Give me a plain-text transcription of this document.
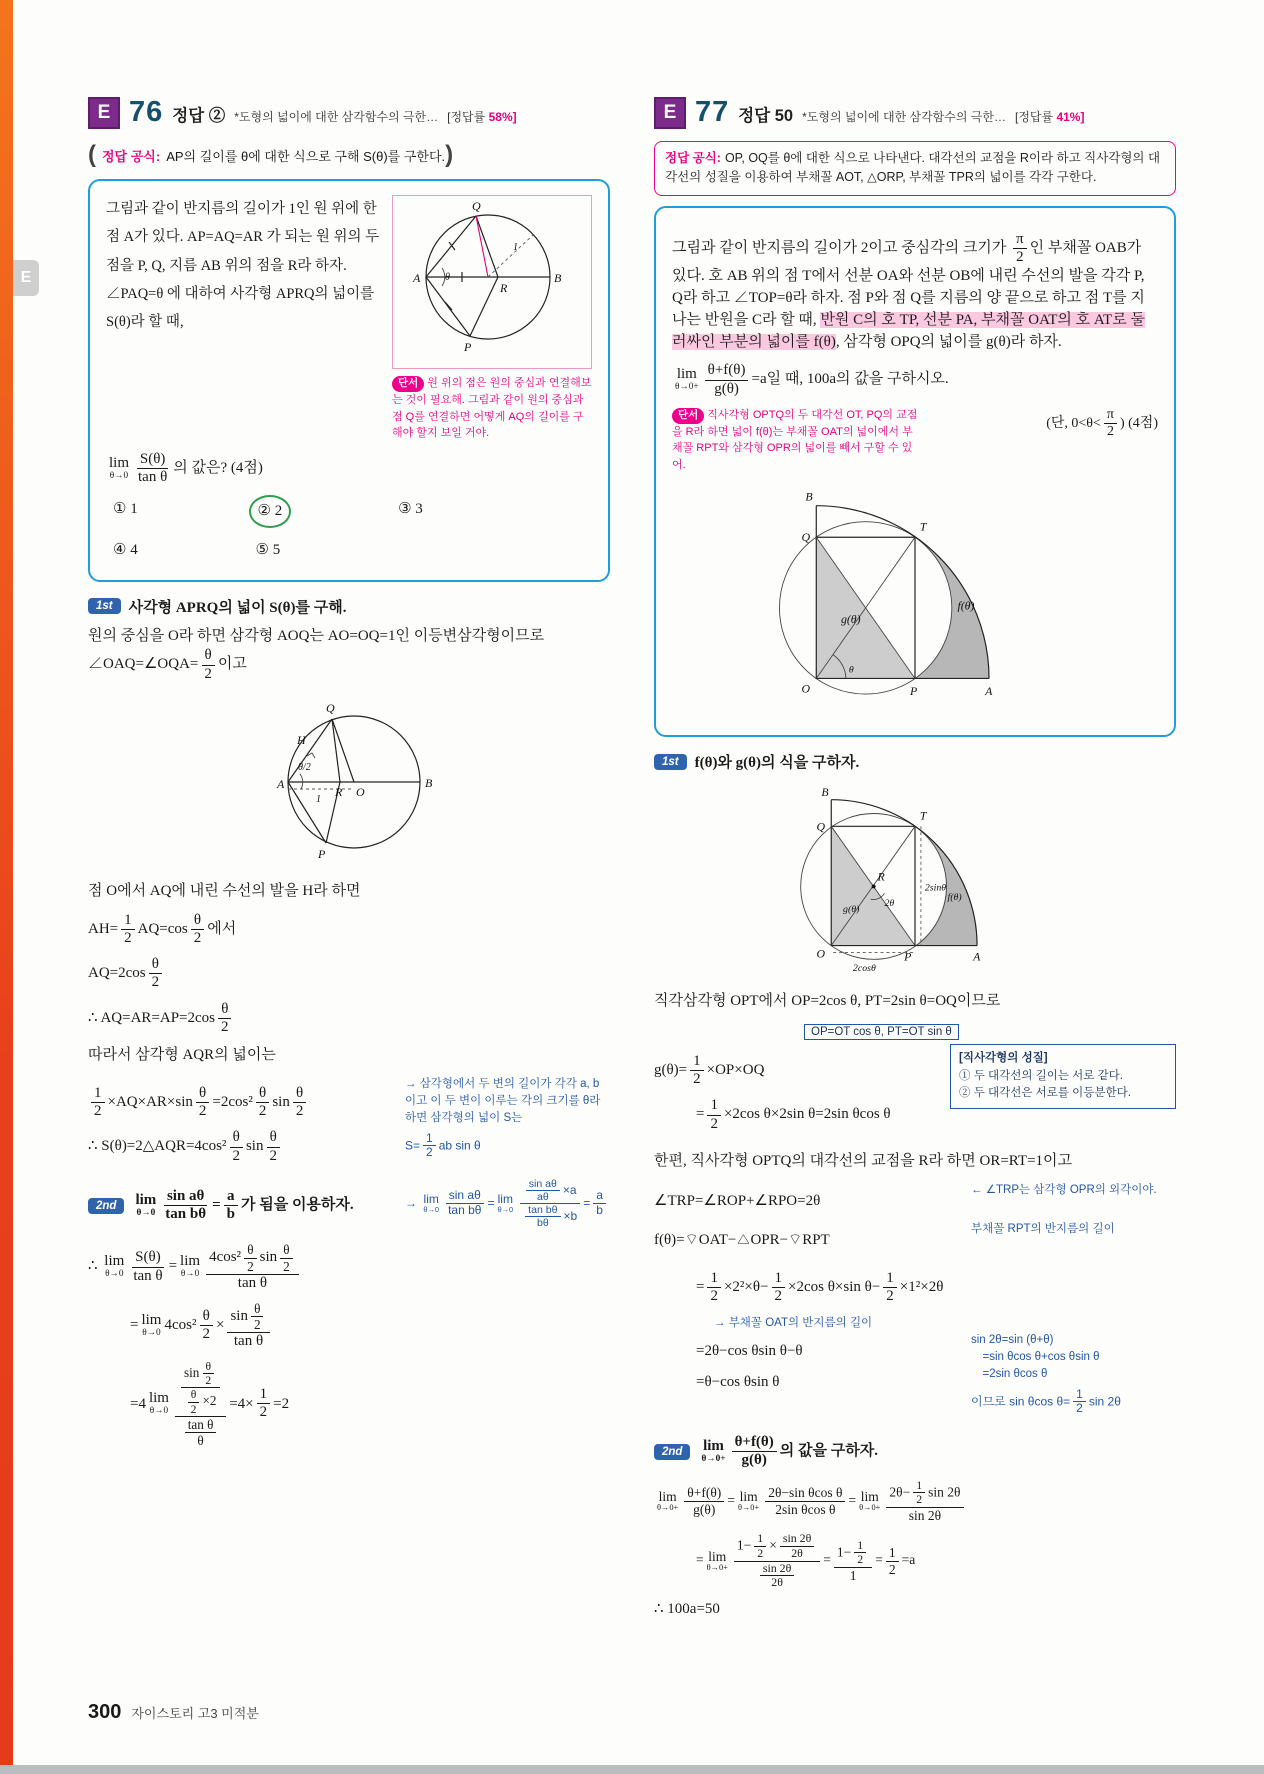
E
E 76 정답 ② *도형의 넓이에 대한 삼각함수의 극한… [정답률 58%]
( 정답 공식: AP의 길이를 θ에 대한 식으로 구해 S(θ)를 구한다. )
그림과 같이 반지름의 길이가 1인 원 위에 한 점 A가 있다. AP=AQ=AR 가 되는 원 위의 두 점을 P, Q, 지름 AB 위의 점을 R라 하자. ∠PAQ=θ 에 대하여 사각형 APRQ의 넓이를 S(θ)라 할 때,
Q
A
R
B
P
1
θ
단서 원 위의 점은 원의 중심과 연결해보는 것이 필요해. 그림과 같이 원의 중심과 점 Q를 연결하면 어떻게 AQ의 길이를 구해야 할지 보일 거야.
lim
$\theta\to 0 \frac{S(\theta)}{\text{tan θ}}$ 의 값은? (4점)
① 1	② 2	③ 3
④ 4	⑤ 5
1st	사각형 APRQ의 넓이 S(θ)를 구해.
원의 중심을 O라 하면 삼각형 AOQ는 AO=OQ=1인 이등변삼각형이므로 ∠OAQ=∠OQA= $\frac{\theta}{2}$ 이고
Q
H
θ/2
R
A
O
B
P
1
점 O에서 AQ에 내린 수선의 발을 H라 하면
$AH= \frac{1}{2} AQ=\cos \frac{\theta}{2}$ 에서
$AQ=2\cos \frac{\theta}{2}$
∴ $AQ=AR=AP=2\cos \frac{\theta}{2}$
따라서 삼각형 AQR의 넓이는
$\frac{1}{2} \times AQ\times AR\times\sin \frac{\theta}{2} =2\cos^2 \frac{\theta}{2}$ $\sin \frac{\theta}{2}$
∴ S(θ)=2△AQR=4cos² $\frac{\theta}{2}$ $\sin \frac{\theta}{2}$
→ 삼각형에서 두 변의 길이가 각각 a, b이고 이 두 변이 이루는 각의 크기를 θ라 하면 삼각형의 넓이 S는
$S= \frac{1}{2}$ ab sin θ
2nd	lim
$\theta\to 0 \frac{\text{sin aθ}}{\text{tan bθ}} = \frac{a}{b}$ 가 됨을 이용하자.	→ lim
$\theta\to 0 \frac{\text{sin aθ}}{\text{tan bθ}} = \lim$
$\theta\to 0 \frac{\frac{\text{sin aθ}}{a\theta} \times a}{\frac{\text{tan bθ}}{b\theta} \times b} = \frac{a}{b}$
∴ lim
$\theta\to 0 \frac{S(\theta)}{\text{tan θ}} = \lim$
$\theta\to 0 \frac{4\cos^2 \frac{\theta}{2} \sin \frac{\theta}{2}}{\text{tan θ}}$
= lim
θ→0 $4\cos^2 \frac{\theta}{2} \times \frac{\sin \frac{\theta}{2}}{\text{tan θ}}$
=4 lim
$\theta\to 0 \frac{\frac{\sin \frac{\theta}{2}}{\frac{\theta}{2} \times 2}}{\frac{\text{tan θ}}{\theta}} =4\times \frac{1}{2} =2$
E 77 정답 50 *도형의 넓이에 대한 삼각함수의 극한… [정답률 41%]
정답 공식: OP, OQ를 θ에 대한 식으로 나타낸다. 대각선의 교점을 R이라 하고 직사각형의 대각선의 성질을 이용하여 부채꼴 AOT, △ORP, 부채꼴 TPR의 넓이를 각각 구한다.
그림과 같이 반지름의 길이가 2이고 중심각의 크기가 $\frac{\pi}{2}$ 인 부채꼴 OAB가 있다. 호 AB 위의 점 T에서 선분 OA와 선분 OB에 내린 수선의 발을 각각 P, Q라 하고 ∠TOP=θ라 하자. 점 P와 점 Q를 지름의 양 끝으로 하고 점 T를 지나는 반원을 C라 할 때, 반원 C의 호 TP, 선분 PA, 부채꼴 OAT의 호 AT로 둘러싸인 부분의 넓이를 f(θ), 삼각형 OPQ의 넓이를 g(θ)라 하자.
lim
$\theta\to 0+ \frac{\theta+f(\theta)}{g(\theta)} =a$일 때, 100a의 값을 구하시오.
단서 직사각형 OPTQ의 두 대각선 OT, PQ의 교점을 R라 하면 넓이 f(θ)는 부채꼴 OAT의 넓이에서 부채꼴 RPT와 삼각형 OPR의 넓이를 빼서 구할 수 있어.
(단, $0<\theta< \frac{\pi}{2}$ ) (4점)
B
Q
T
g(θ)
f(θ)
O
θ
P	A
1st	f(θ)와 g(θ)의 식을 구하자.
B
Q
T
R
2θ
g(θ)
f(θ)
O	P	A
2sinθ
2cosθ
직각삼각형 OPT에서 OP=2cos θ, PT=2sin θ=OQ이므로
OP=OT cos θ, PT=OT sin θ
$g(\theta)= \frac{1}{2} \times OP\times OQ$
= $\frac{1}{2} \times 2\cos$ θ×2sin θ=2sin θcos θ
[직사각형의 성질]
① 두 대각선의 길이는 서로 같다.
② 두 대각선은 서로를 이등분한다.
한편, 직사각형 OPTQ의 대각선의 교점을 R라 하면 OR=RT=1이고
∠TRP=∠ROP+∠RPO=2θ
← ∠TRP는 삼각형 OPR의 외각이야.
f(θ)=⌔OAT−△OPR−⌔RPT
부채꼴 RPT의 반지름의 길이
= $\frac{1}{2} \times 2^2\times\theta- \frac{1}{2} \times 2\cos$ θ×sin $\theta- \frac{1}{2} \times 1^2\times 2\theta$
→ 부채꼴 OAT의 반지름의 길이
=2θ−cos θsin θ−θ
=θ−cos θsin θ
sin 2θ=sin (θ+θ)
　=sin θcos θ+cos θsin θ
　=2sin θcos θ
이므로 sin θcos $\theta= \frac{1}{2}$ sin 2θ
2nd	lim
$\theta\to 0+ \frac{\theta+f(\theta)}{g(\theta)}$ 의 값을 구하자.
lim
$\theta\to 0+ \frac{\theta+f(\theta)}{g(\theta)} = \lim$
$\theta\to 0+ \frac{\text{2θ−sin θcos θ}}{\text{2sin θcos θ}} = \lim$
$\theta\to 0+ \frac{2\theta- \frac{1}{2} \sin 2\theta}{\sin 2\theta}$
= lim
$\theta\to 0+ \frac{1- \frac{1}{2} \times \frac{\sin 2\theta}{2\theta}}{\frac{\sin 2\theta}{2\theta}} = \frac{1- \frac{1}{2}}{1} = \frac{1}{2} =a$
∴ 100a=50
300 자이스토리 고3 미적분
